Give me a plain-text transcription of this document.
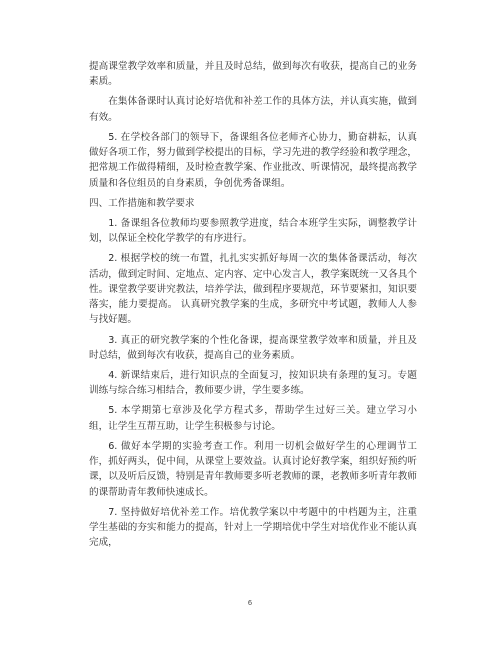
提高课堂教学效率和质量，并且及时总结，做到每次有收获，提高自己的业务素质。

在集体备课时认真讨论好培优和补差工作的具体方法，并认真实施，做到有效。

5. 在学校各部门的领导下，备课组各位老师齐心协力，勤奋耕耘，认真做好各项工作，努力做到学校提出的目标，学习先进的教学经验和教学理念，把常规工作做得精细，及时检查教学案、作业批改、听课情况，最终提高教学质量和各位组员的自身素质，争创优秀备课组。

四、工作措施和教学要求

1. 备课组各位教师均要参照教学进度，结合本班学生实际，调整教学计划，以保证全校化学教学的有序进行。

2. 根据学校的统一布置，扎扎实实抓好每周一次的集体备课活动，每次活动，做到定时间、定地点、定内容、定中心发言人，教学案既统一又各具个性。课堂教学要讲究教法，培养学法，做到程序要规范，环节要紧扣，知识要落实，能力要提高。 认真研究教学案的生成，多研究中考试题，教师人人参与找好题。

3. 真正的研究教学案的个性化备课，提高课堂教学效率和质量，并且及时总结，做到每次有收获，提高自己的业务素质。

4. 新课结束后，进行知识点的全面复习，按知识块有条理的复习。专题训练与综合练习相结合，教师要少讲，学生要多练。

5. 本学期第七章涉及化学方程式多，帮助学生过好三关。建立学习小组，让学生互帮互助，让学生积极参与讨论。

6. 做好本学期的实验考查工作。利用一切机会做好学生的心理调节工作，抓好两头，促中间，从课堂上要效益。认真讨论好教学案，组织好预约听课，以及听后反馈，特别是青年教师要多听老教师的课，老教师多听青年教师的课帮助青年教师快速成长。

7. 坚持做好培优补差工作。培优教学案以中考题中的中档题为主，注重学生基础的夯实和能力的提高，针对上一学期培优中学生对培优作业不能认真完成，

6
